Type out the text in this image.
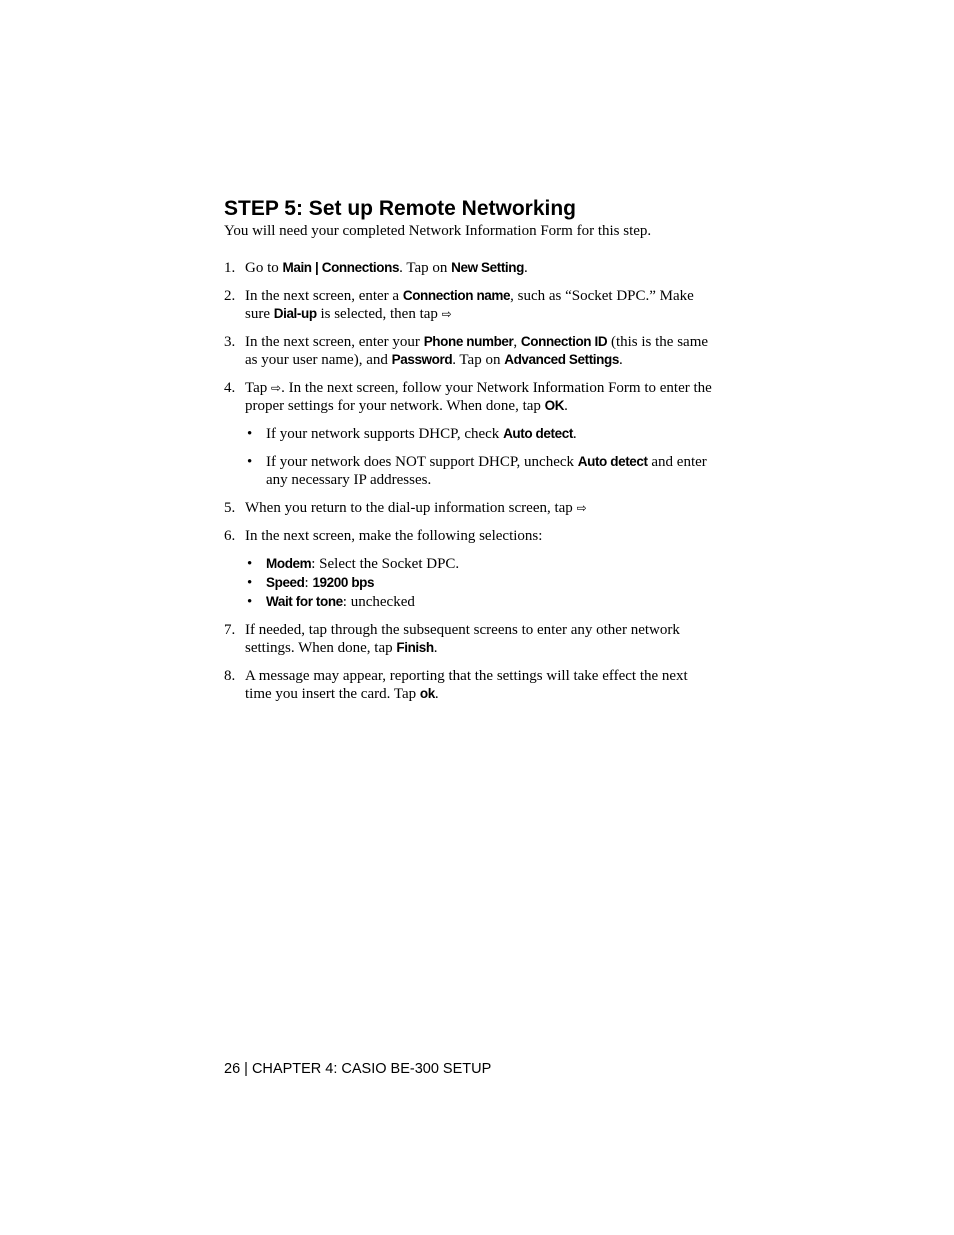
STEP 5: Set up Remote Networking

You will need your completed Network Information Form for this step.

1. Go to Main | Connections. Tap on New Setting.
2. In the next screen, enter a Connection name, such as “Socket DPC.” Make sure Dial-up is selected, then tap ⇨
3. In the next screen, enter your Phone number, Connection ID (this is the same as your user name), and Password. Tap on Advanced Settings.
4. Tap ⇨. In the next screen, follow your Network Information Form to enter the proper settings for your network. When done, tap OK.
• If your network supports DHCP, check Auto detect.
• If your network does NOT support DHCP, uncheck Auto detect and enter any necessary IP addresses.
5. When you return to the dial-up information screen, tap ⇨
6. In the next screen, make the following selections:
• Modem: Select the Socket DPC.
• Speed: 19200 bps
• Wait for tone: unchecked
7. If needed, tap through the subsequent screens to enter any other network settings. When done, tap Finish.
8. A message may appear, reporting that the settings will take effect the next time you insert the card. Tap ok.
26 | CHAPTER 4: CASIO BE-300 SETUP
